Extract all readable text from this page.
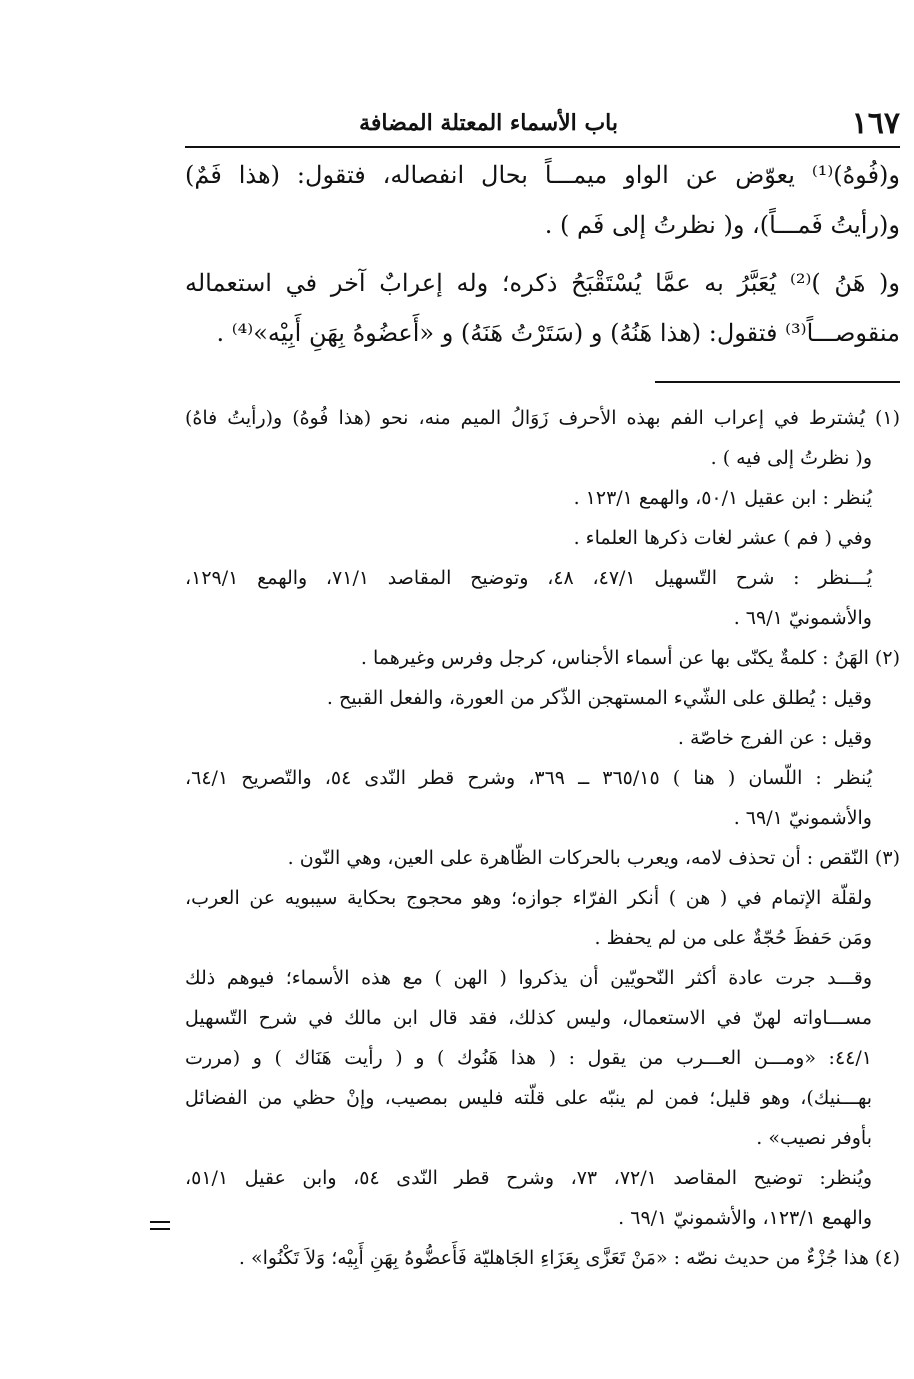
١٦٧
باب الأسماء المعتلة المضافة
و(فُوهُ)⁽¹⁾ يعوّض عن الواو ميمـــاً بحال انفصاله، فتقول: (هذا فَمٌ)
و(رأيتُ فَمـــاً)، و( نظرتُ إلى فَم ) .
و( هَنُ )⁽²⁾ يُعَبَّرُ به عمَّا يُسْتَقْبَحُ ذكره؛ وله إعرابٌ آخر في استعماله
منقوصـــاً⁽³⁾ فتقول: (هذا هَنُهُ) و (سَتَرْتُ هَنَهُ) و «أَعضُوهُ بِهَنِ أَبِيْه»⁽⁴⁾ .
(١) يُشترط في إعراب الفم بهذه الأحرف زَوَالُ الميم منه، نحو (هذا فُوهُ) و(رأيتُ فاهُ)
و( نظرتُ إلى فيه ) .
يُنظر : ابن عقيل ٥٠/١، والهمع ١٢٣/١ .
وفي ( فم ) عشر لغات ذكرها العلماء .
يُـــنظر : شرح التّسهيل ٤٧/١، ٤٨، وتوضيح المقاصد ٧١/١، والهمع ١٢٩/١،
والأشمونيّ ٦٩/١ .
(٢) الهَنُ : كلمةٌ يكنّى بها عن أسماء الأجناس، كرجل وفرس وغيرهما .
وقيل : يُطلق على الشّيء المستهجن الذّكر من العورة، والفعل القبيح .
وقيل : عن الفرج خاصّة .
يُنظر : اللّسان ( هنا ) ٣٦٥/١٥ ــ ٣٦٩، وشرح قطر النّدى ٥٤، والتّصريح ٦٤/١،
والأشمونيّ ٦٩/١ .
(٣) النّقص : أن تحذف لامه، ويعرب بالحركات الظّاهرة على العين، وهي النّون .
ولقلّة الإتمام في ( هن ) أنكر الفرّاء جوازه؛ وهو محجوج بحكاية سيبويه عن العرب،
ومَن حَفظَ حُجّةٌ على من لم يحفظ .
وقـــد جرت عادة أكثر النّحويّين أن يذكروا ( الهن ) مع هذه الأسماء؛ فيوهم ذلك
مســـاواته لهنّ في الاستعمال، وليس كذلك، فقد قال ابن مالك في شرح التّسهيل
٤٤/١: «ومـــن العـــرب من يقول : ( هذا هَنُوك ) و ( رأيت هَنَاك ) و (مررت
بهـــنيك)، وهو قليل؛ فمن لم ينبّه على قلّته فليس بمصيب، وإنْ حظي من الفضائل
بأوفر نصيب» .
ويُنظر: توضيح المقاصد ٧٢/١، ٧٣، وشرح قطر النّدى ٥٤، وابن عقيل ٥١/١،
والهمع ١٢٣/١، والأشمونيّ ٦٩/١ .
(٤) هذا جُزْءٌ من حديث نصّه : «مَنْ تَعَزَّى بِعَزَاءِ الجَاهليّة فَأَعضُّوهُ بِهَنِ أَبِيْه؛ وَلاَ تَكْنُوا» .
